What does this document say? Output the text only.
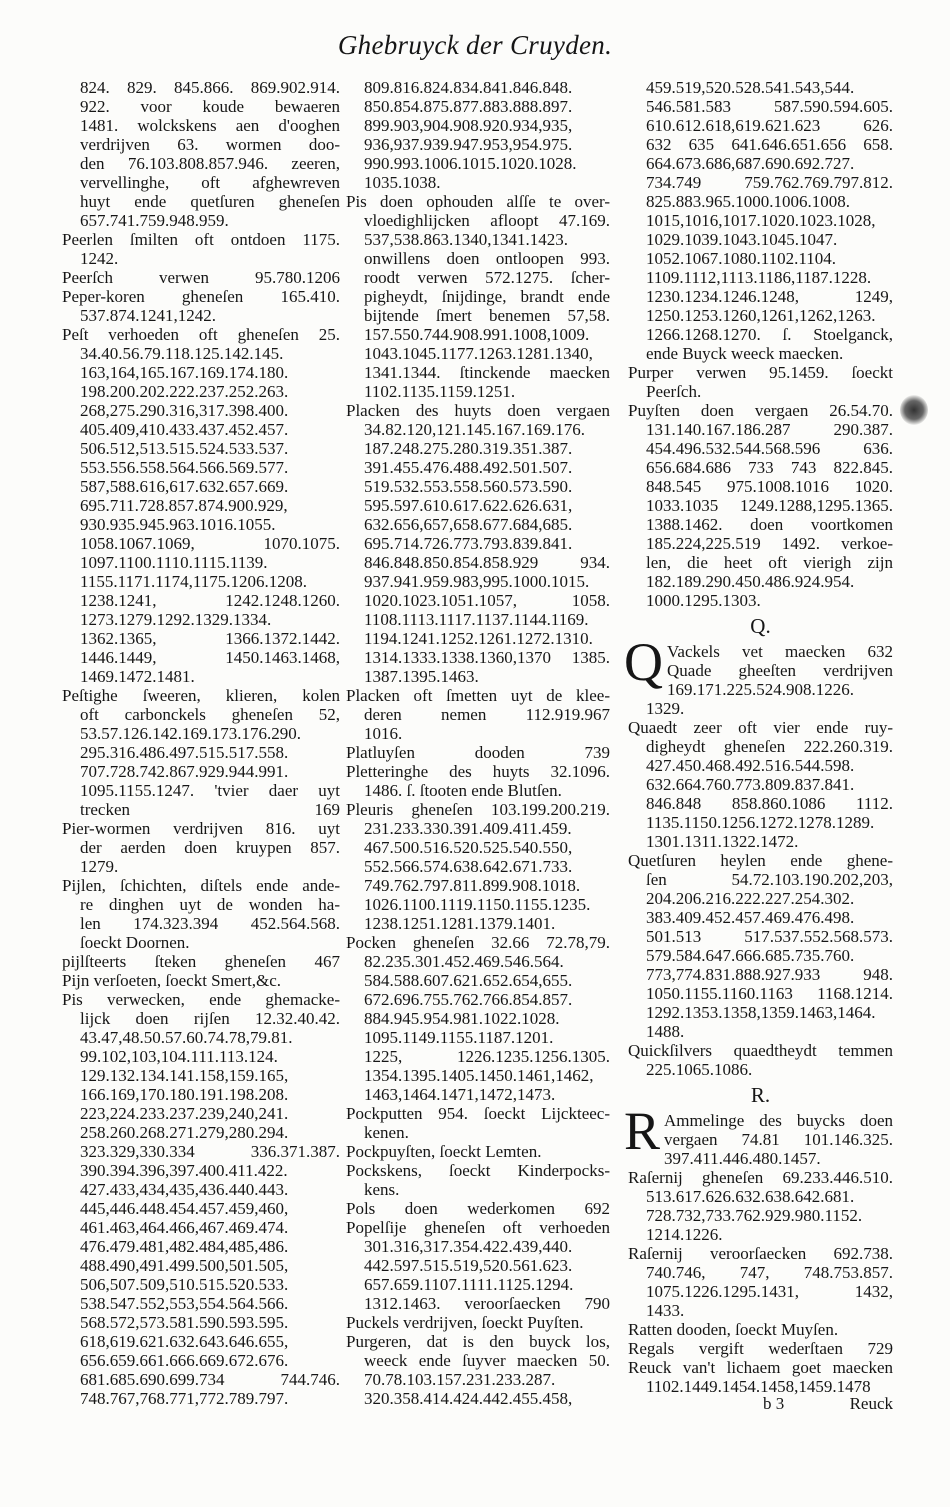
Ghebruyck der Cruyden.
824. 829. 845.866. 869.902.914.
922. voor koude bewaeren
1481. wolckskens aen d'ooghen
verdrijven 63. wormen doo-
den 76.103.808.857.946. zeeren,
vervellinghe, oft afghewreven
huyt ende quetſuren gheneſen
657.741.759.948.959.
Peerlen ſmilten oft ontdoen 1175.
1242.
Peerſch verwen 95.780.1206
Peper-koren gheneſen 165.410.
537.874.1241,1242.
Peſt verhoeden oft gheneſen 25.
34.40.56.79.118.125.142.145.
163,164,165.167.169.174.180.
198.200.202.222.237.252.263.
268,275.290.316,317.398.400.
405.409,410.433.437.452.457.
506.512,513.515.524.533.537.
553.556.558.564.566.569.577.
587,588.616,617.632.657.669.
695.711.728.857.874.900.929,
930.935.945.963.1016.1055.
1058.1067.1069, 1070.1075.
1097.1100.1110.1115.1139.
1155.1171.1174,1175.1206.1208.
1238.1241, 1242.1248.1260.
1273.1279.1292.1329.1334.
1362.1365, 1366.1372.1442.
1446.1449, 1450.1463.1468,
1469.1472.1481.
Peſtighe ſweeren, klieren, kolen
oft carbonckels gheneſen 52,
53.57.126.142.169.173.176.290.
295.316.486.497.515.517.558.
707.728.742.867.929.944.991.
1095.1155.1247. 'tvier daer uyt
trecken 169
Pier-wormen verdrijven 816. uyt
der aerden doen kruypen 857.
1279.
Pijlen, ſchichten, diſtels ende ande-
re dinghen uyt de wonden ha-
len 174.323.394 452.564.568.
ſoeckt Doornen.
pijlſteerts ſteken gheneſen 467
Pijn verſoeten, ſoeckt Smert,&c.
Pis verwecken, ende ghemacke-
lijck doen rijſen 12.32.40.42.
43.47,48.50.57.60.74.78,79.81.
99.102,103,104.111.113.124.
129.132.134.141.158,159.165,
166.169,170.180.191.198.208.
223,224.233.237.239,240,241.
258.260.268.271.279,280.294.
323.329,330.334 336.371.387.
390.394.396,397.400.411.422.
427.433,434,435,436.440.443.
445,446.448.454.457.459,460,
461.463,464.466,467.469.474.
476.479.481,482.484,485,486.
488.490,491.499.500,501.505,
506,507.509,510.515.520.533.
538.547.552,553,554.564.566.
568.572,573.581.590.593.595.
618,619.621.632.643.646.655,
656.659.661.666.669.672.676.
681.685.690.699.734 744.746.
748.767,768.771,772.789.797.
809.816.824.834.841.846.848.
850.854.875.877.883.888.897.
899.903,904.908.920.934,935,
936,937.939.947.953,954.975.
990.993.1006.1015.1020.1028.
1035.1038.
Pis doen ophouden alſſe te over-
vloedighlijcken afloopt 47.169.
537,538.863.1340,1341.1423.
onwillens doen ontloopen 993.
roodt verwen 572.1275. ſcher-
pigheydt, ſnijdinge, brandt ende
bijtende ſmert benemen 57,58.
157.550.744.908.991.1008,1009.
1043.1045.1177.1263.1281.1340,
1341.1344. ſtinckende maecken
1102.1135.1159.1251.
Placken des huyts doen vergaen
34.82.120,121.145.167.169.176.
187.248.275.280.319.351.387.
391.455.476.488.492.501.507.
519.532.553.558.560.573.590.
595.597.610.617.622.626.631,
632.656,657,658.677.684,685.
695.714.726.773.793.839.841.
846.848.850.854.858.929 934.
937.941.959.983,995.1000.1015.
1020.1023.1051.1057, 1058.
1108.1113.1117.1137.1144.1169.
1194.1241.1252.1261.1272.1310.
1314.1333.1338.1360,1370 1385.
1387.1395.1463.
Placken oft ſmetten uyt de klee-
deren nemen 112.919.967
1016.
Platluyſen dooden 739
Pletteringhe des huyts 32.1096.
1486. ſ. ſtooten ende Blutſen.
Pleuris gheneſen 103.199.200.219.
231.233.330.391.409.411.459.
467.500.516.520.525.540.550,
552.566.574.638.642.671.733.
749.762.797.811.899.908.1018.
1026.1100.1119.1150.1155.1235.
1238.1251.1281.1379.1401.
Pocken gheneſen 32.66 72.78,79.
82.235.301.452.469.546.564.
584.588.607.621.652.654,655.
672.696.755.762.766.854.857.
884.945.954.981.1022.1028.
1095.1149.1155.1187.1201.
1225, 1226.1235.1256.1305.
1354.1395.1405.1450.1461,1462,
1463,1464.1471,1472,1473.
Pockputten 954. ſoeckt Lijckteec-
kenen.
Pockpuyſten, ſoeckt Lemten.
Pockskens, ſoeckt Kinderpocks-
kens.
Pols doen wederkomen 692
Popelſije gheneſen oft verhoeden
301.316,317.354.422.439,440.
442.597.515.519,520.561.623.
657.659.1107.1111.1125.1294.
1312.1463. veroorſaecken 790
Puckels verdrijven, ſoeckt Puyſten.
Purgeren, dat is den buyck los,
weeck ende ſuyver maecken 50.
70.78.103.157.231.233.287.
320.358.414.424.442.455.458,
459.519,520.528.541.543,544.
546.581.583 587.590.594.605.
610.612.618,619.621.623 626.
632 635 641.646.651.656 658.
664.673.686,687.690.692.727.
734.749 759.762.769.797.812.
825.883.965.1000.1006.1008.
1015,1016,1017.1020.1023.1028,
1029.1039.1043.1045.1047.
1052.1067.1080.1102.1104.
1109.1112,1113.1186,1187.1228.
1230.1234.1246.1248, 1249,
1250.1253.1260,1261,1262,1263.
1266.1268.1270. ſ. Stoelganck,
ende Buyck weeck maecken.
Purper verwen 95.1459. ſoeckt
Peerſch.
Puyſten doen vergaen 26.54.70.
131.140.167.186.287 290.387.
454.496.532.544.568.596 636.
656.684.686 733 743 822.845.
848.545 975.1008.1016 1020.
1033.1035 1249.1288,1295.1365.
1388.1462. doen voortkomen
185.224,225.519 1492. verkoe-
len, die heet oft vierigh zijn
182.189.290.450.486.924.954.
1000.1295.1303.
Q.
Q Vackels vet maecken 632
Quade gheeſten verdrijven
169.171.225.524.908.1226.
1329.
Quaedt zeer oft vier ende ruy-
digheydt gheneſen 222.260.319.
427.450.468.492.516.544.598.
632.664.760.773.809.837.841.
846.848 858.860.1086 1112.
1135.1150.1256.1272.1278.1289.
1301.1311.1322.1472.
Quetſuren heylen ende ghene-
ſen 54.72.103.190.202,203,
204.206.216.222.227.254.302.
383.409.452.457.469.476.498.
501.513 517.537.552.568.573.
579.584.647.666.685.735.760.
773,774.831.888.927.933 948.
1050.1155.1160.1163 1168.1214.
1292.1353.1358,1359.1463,1464.
1488.
Quickſilvers quaedtheydt temmen
225.1065.1086.
R.
R Ammelinge des buycks doen
vergaen 74.81 101.146.325.
397.411.446.480.1457.
Raſernij gheneſen 69.233.446.510.
513.617.626.632.638.642.681.
728.732,733.762.929.980.1152.
1214.1226.
Raſernij veroorſaecken 692.738.
740.746, 747, 748.753.857.
1075.1226.1295.1431, 1432,
1433.
Ratten dooden, ſoeckt Muyſen.
Regals vergift wederſtaen 729
Reuck van't lichaem goet maecken
1102.1449.1454.1458,1459.1478
b 3	Reuck
